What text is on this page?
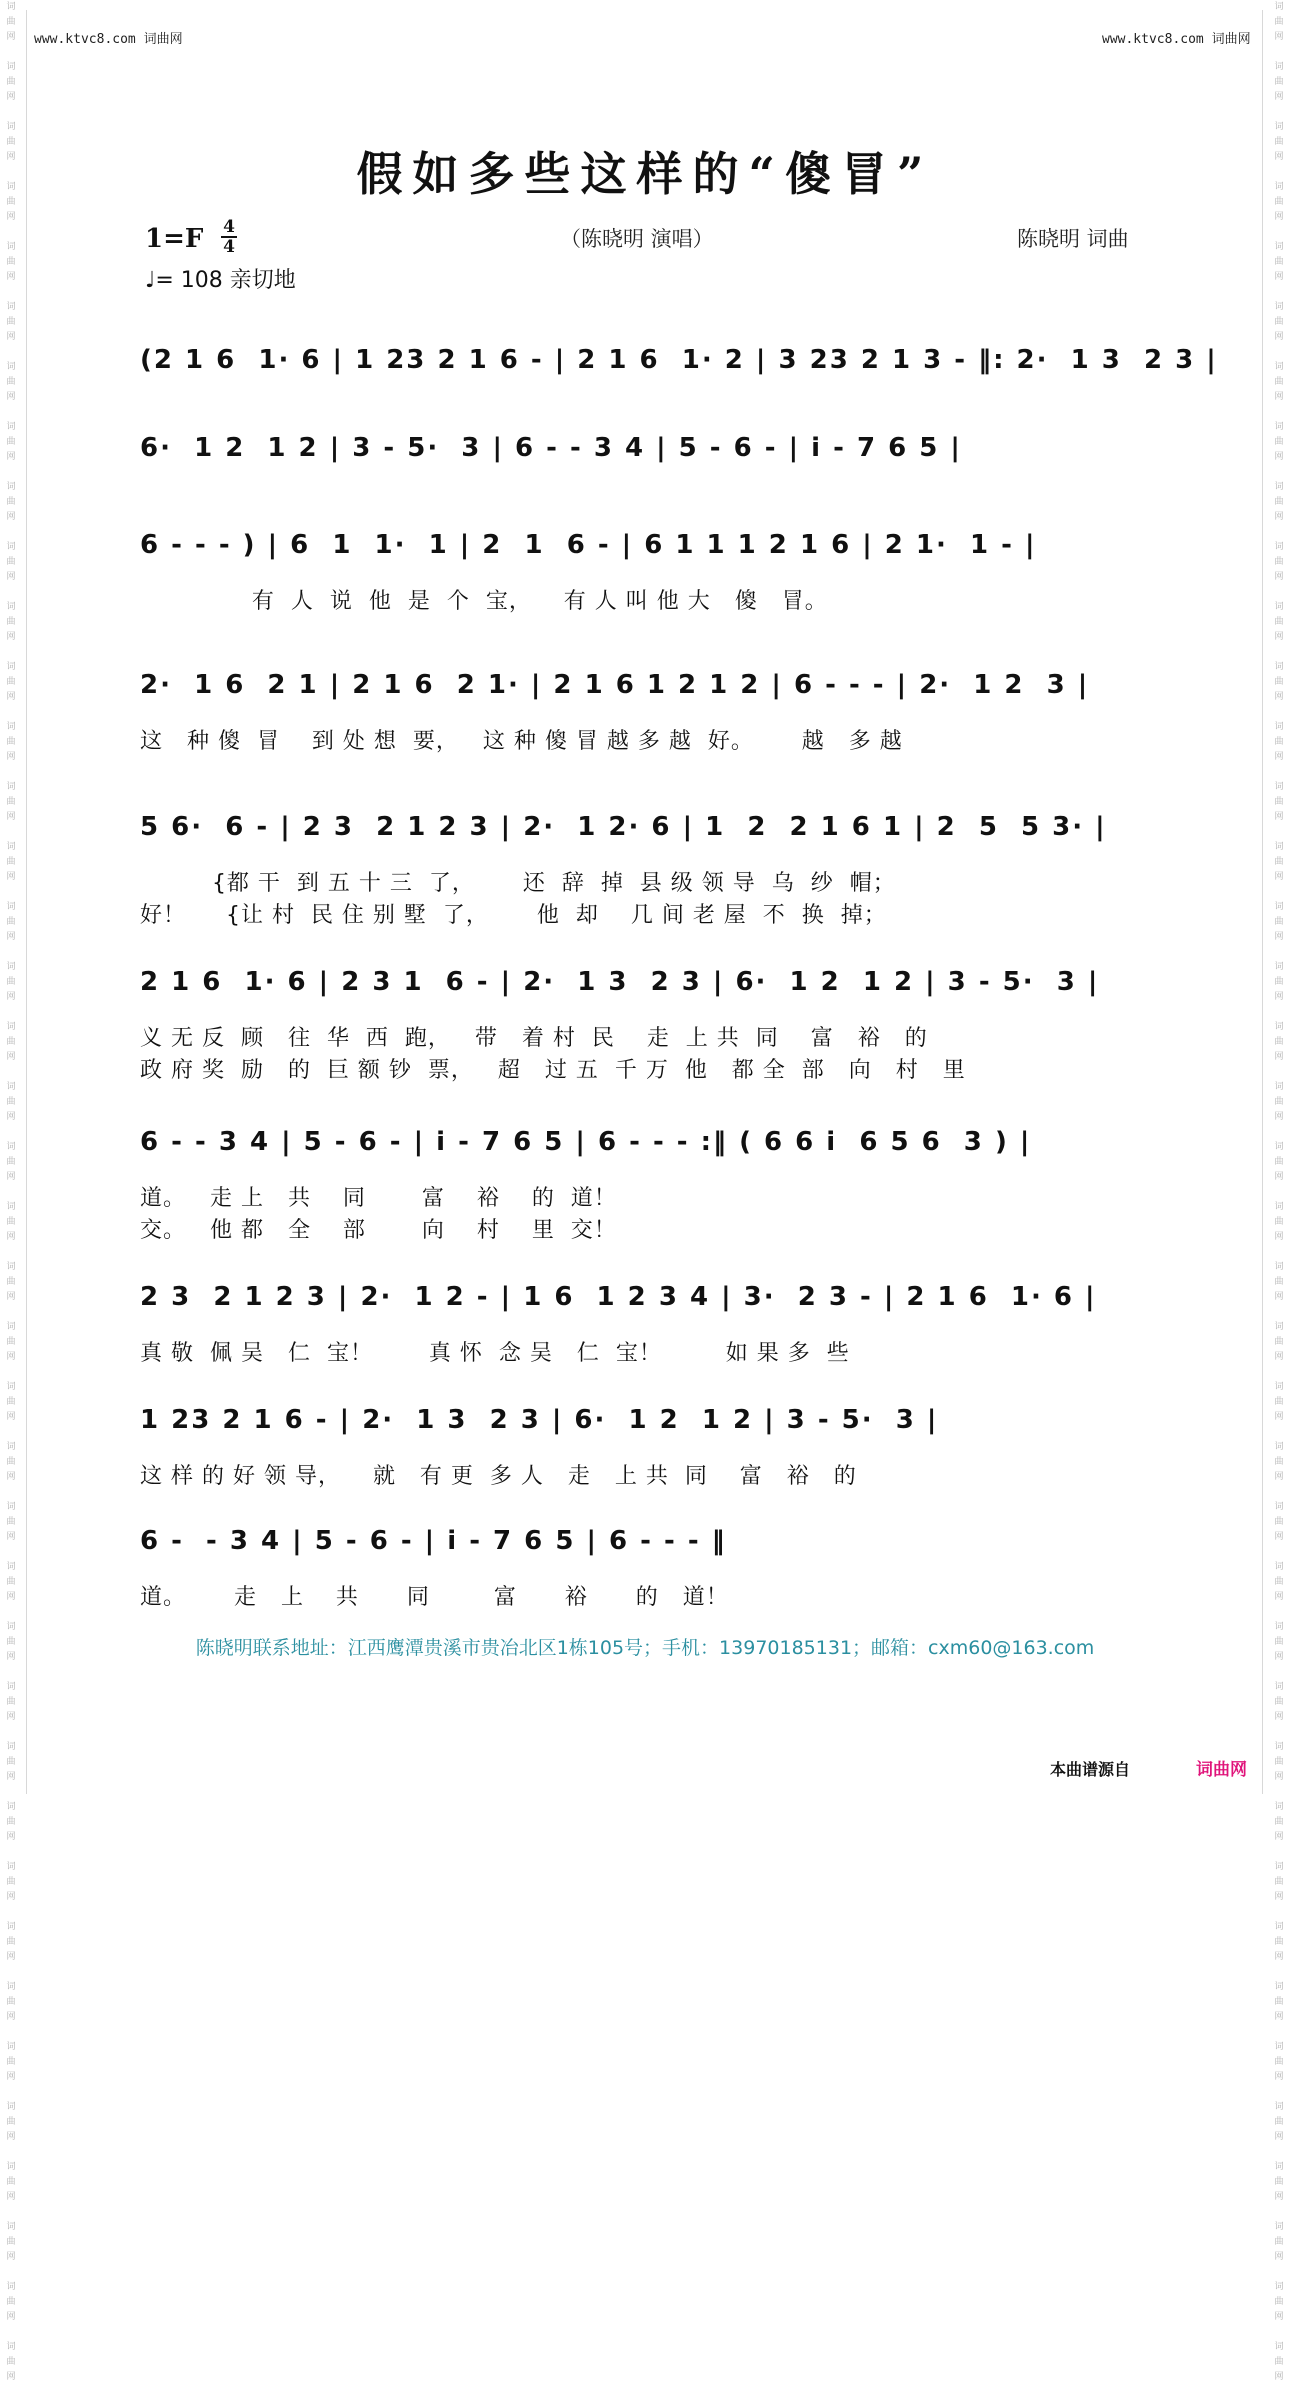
词
曲
网

词
曲
网

词
曲
网

词
曲
网

词
曲
网

词
曲
网

词
曲
网

词
曲
网

词
曲
网

词
曲
网

词
曲
网

词
曲
网

词
曲
网

词
曲
网

词
曲
网

词
曲
网

词
曲
网

词
曲
网

词
曲
网

词
曲
网

词
曲
网

词
曲
网

词
曲
网

词
曲
网

词
曲
网

词
曲
网

词
曲
网

词
曲
网

词
曲
网

词
曲
网

词
曲
网

词
曲
网

词
曲
网

词
曲
网

词
曲
网

词
曲
网

词
曲
网

词
曲
网

词
曲
网

词
曲
网

词
曲
网

词
曲
网

词
曲
网

词
曲
网

词
曲
网

词
曲
网

词
曲
网

词
曲
网

词
曲
网

词
曲
网

词
曲
网

词
曲
网

词
曲
网

词
曲
网

词
曲
网

词
曲
网

词
曲
网

词
曲
网

词
曲
网

词
曲
网

词
曲
网

词
曲
网

词
曲
网

词
曲
网

词
曲
网

词
曲
网

词
曲
网

词
曲
网

词
曲
网

词
曲
网

词
曲
网

词
曲
网

词
曲
网

词
曲
网

词
曲
网

词
曲
网

词
曲
网

词
曲
网

词
曲
网

词
曲
网

www.ktvc8.com 词曲网	www.ktvc8.com 词曲网
假如多些这样的“傻冒”
1=F 4
4
♩= 108 亲切地
（陈晓明 演唱）	陈晓明 词曲
(2 1 6  1· 6 | 1 23 2 1 6 - | 2 1 6  1· 2 | 3 23 2 1 3 - ‖: 2·  1 3  2 3 |
6·  1 2  1 2 | 3 - 5·  3 | 6 - - 3 4 | 5 - 6 - | i - 7 6 5 |
6 - - - ) | 6  1  1·  1 | 2  1  6 - | 6 1 1 1 2 1 6 | 2 1·  1 - |
有  人  说  他  是  个  宝，    有 人 叫 他 大   傻   冒。
2·  1 6  2 1 | 2 1 6  2 1· | 2 1 6 1 2 1 2 | 6 - - - | 2·  1 2  3 |
这   种 傻  冒    到 处 想  要，   这 种 傻 冒 越 多 越  好。      越   多 越
5 6·  6 - | 2 3  2 1 2 3 | 2·  1 2· 6 | 1  2  2 1 6 1 | 2  5  5 3· |
{都 干  到 五 十 三  了，      还  辞  掉  县 级 领 导  乌  纱  帽；
好！     {让 村  民 住 别 墅  了，      他  却    几 间 老 屋  不  换  掉；
2 1 6  1· 6 | 2 3 1  6 - | 2·  1 3  2 3 | 6·  1 2  1 2 | 3 - 5·  3 |
义 无 反  顾   往  华  西  跑，   带   着 村  民    走  上 共  同    富   裕   的
政 府 奖  励   的  巨 额 钞  票，   超   过 五  千 万  他   都 全  部   向   村   里
6 - - 3 4 | 5 - 6 - | i - 7 6 5 | 6 - - - :‖ ( 6 6 i  6 5 6  3 ) |
道。   走 上   共    同       富    裕    的  道！
交。   他 都   全    部       向    村    里  交！
2 3  2 1 2 3 | 2·  1 2 - | 1 6  1 2 3 4 | 3·  2 3 - | 2 1 6  1· 6 |
真 敬  佩 吴   仁  宝！       真 怀  念 吴   仁  宝！        如 果 多  些
1 23 2 1 6 - | 2·  1 3  2 3 | 6·  1 2  1 2 | 3 - 5·  3 |
这 样 的 好 领 导，    就   有 更  多 人   走   上 共  同    富   裕   的
6 -  - 3 4 | 5 - 6 - | i - 7 6 5 | 6 - - - ‖
道。      走   上    共      同        富      裕      的   道！
陈晓明联系地址：江西鹰潭贵溪市贵冶北区1栋105号；手机：13970185131；邮箱：cxm60@163.com
本曲谱源自	词曲网
